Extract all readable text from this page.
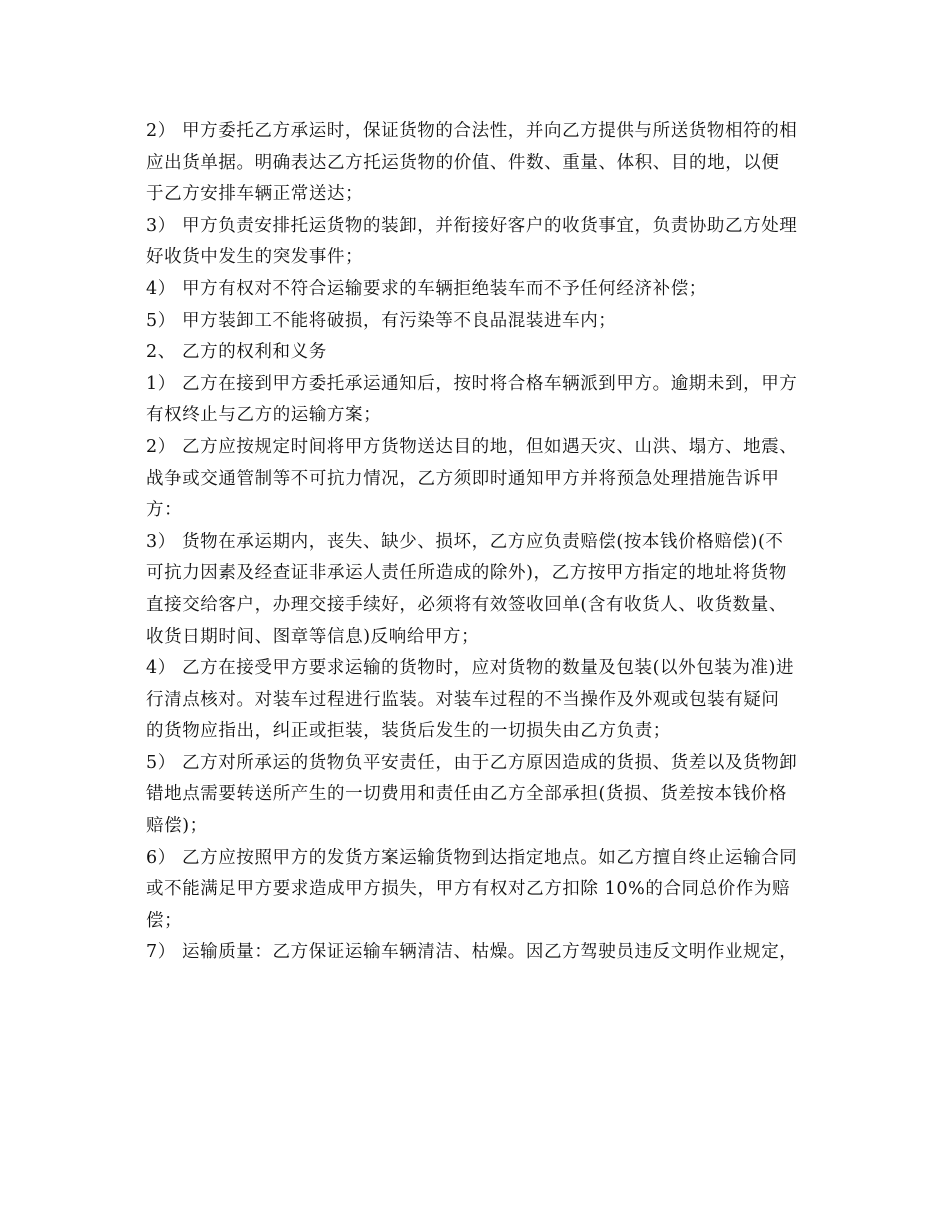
2） 甲方委托乙方承运时，保证货物的合法性，并向乙方提供与所送货物相符的相
应出货单据。明确表达乙方托运货物的价值、件数、重量、体积、目的地，以便
于乙方安排车辆正常送达；

3） 甲方负责安排托运货物的装卸，并衔接好客户的收货事宜，负责协助乙方处理
好收货中发生的突发事件；

4） 甲方有权对不符合运输要求的车辆拒绝装车而不予任何经济补偿；

5） 甲方装卸工不能将破损，有污染等不良品混装进车内；

2、 乙方的权利和义务

1） 乙方在接到甲方委托承运通知后，按时将合格车辆派到甲方。逾期未到，甲方
有权终止与乙方的运输方案；

2） 乙方应按规定时间将甲方货物送达目的地，但如遇天灾、山洪、塌方、地震、
战争或交通管制等不可抗力情况，乙方须即时通知甲方并将预急处理措施告诉甲
方：

3） 货物在承运期内，丧失、缺少、损坏，乙方应负责赔偿(按本钱价格赔偿)(不
可抗力因素及经查证非承运人责任所造成的除外)，乙方按甲方指定的地址将货物
直接交给客户，办理交接手续好，必须将有效签收回单(含有收货人、收货数量、
收货日期时间、图章等信息)反响给甲方；

4） 乙方在接受甲方要求运输的货物时，应对货物的数量及包装(以外包装为准)进
行清点核对。对装车过程进行监装。对装车过程的不当操作及外观或包装有疑问
的货物应指出，纠正或拒装，装货后发生的一切损失由乙方负责；

5） 乙方对所承运的货物负平安责任，由于乙方原因造成的货损、货差以及货物卸
错地点需要转送所产生的一切费用和责任由乙方全部承担(货损、货差按本钱价格
赔偿)；

6） 乙方应按照甲方的发货方案运输货物到达指定地点。如乙方擅自终止运输合同
或不能满足甲方要求造成甲方损失，甲方有权对乙方扣除 10%的合同总价作为赔
偿；

7） 运输质量：乙方保证运输车辆清洁、枯燥。因乙方驾驶员违反文明作业规定，
